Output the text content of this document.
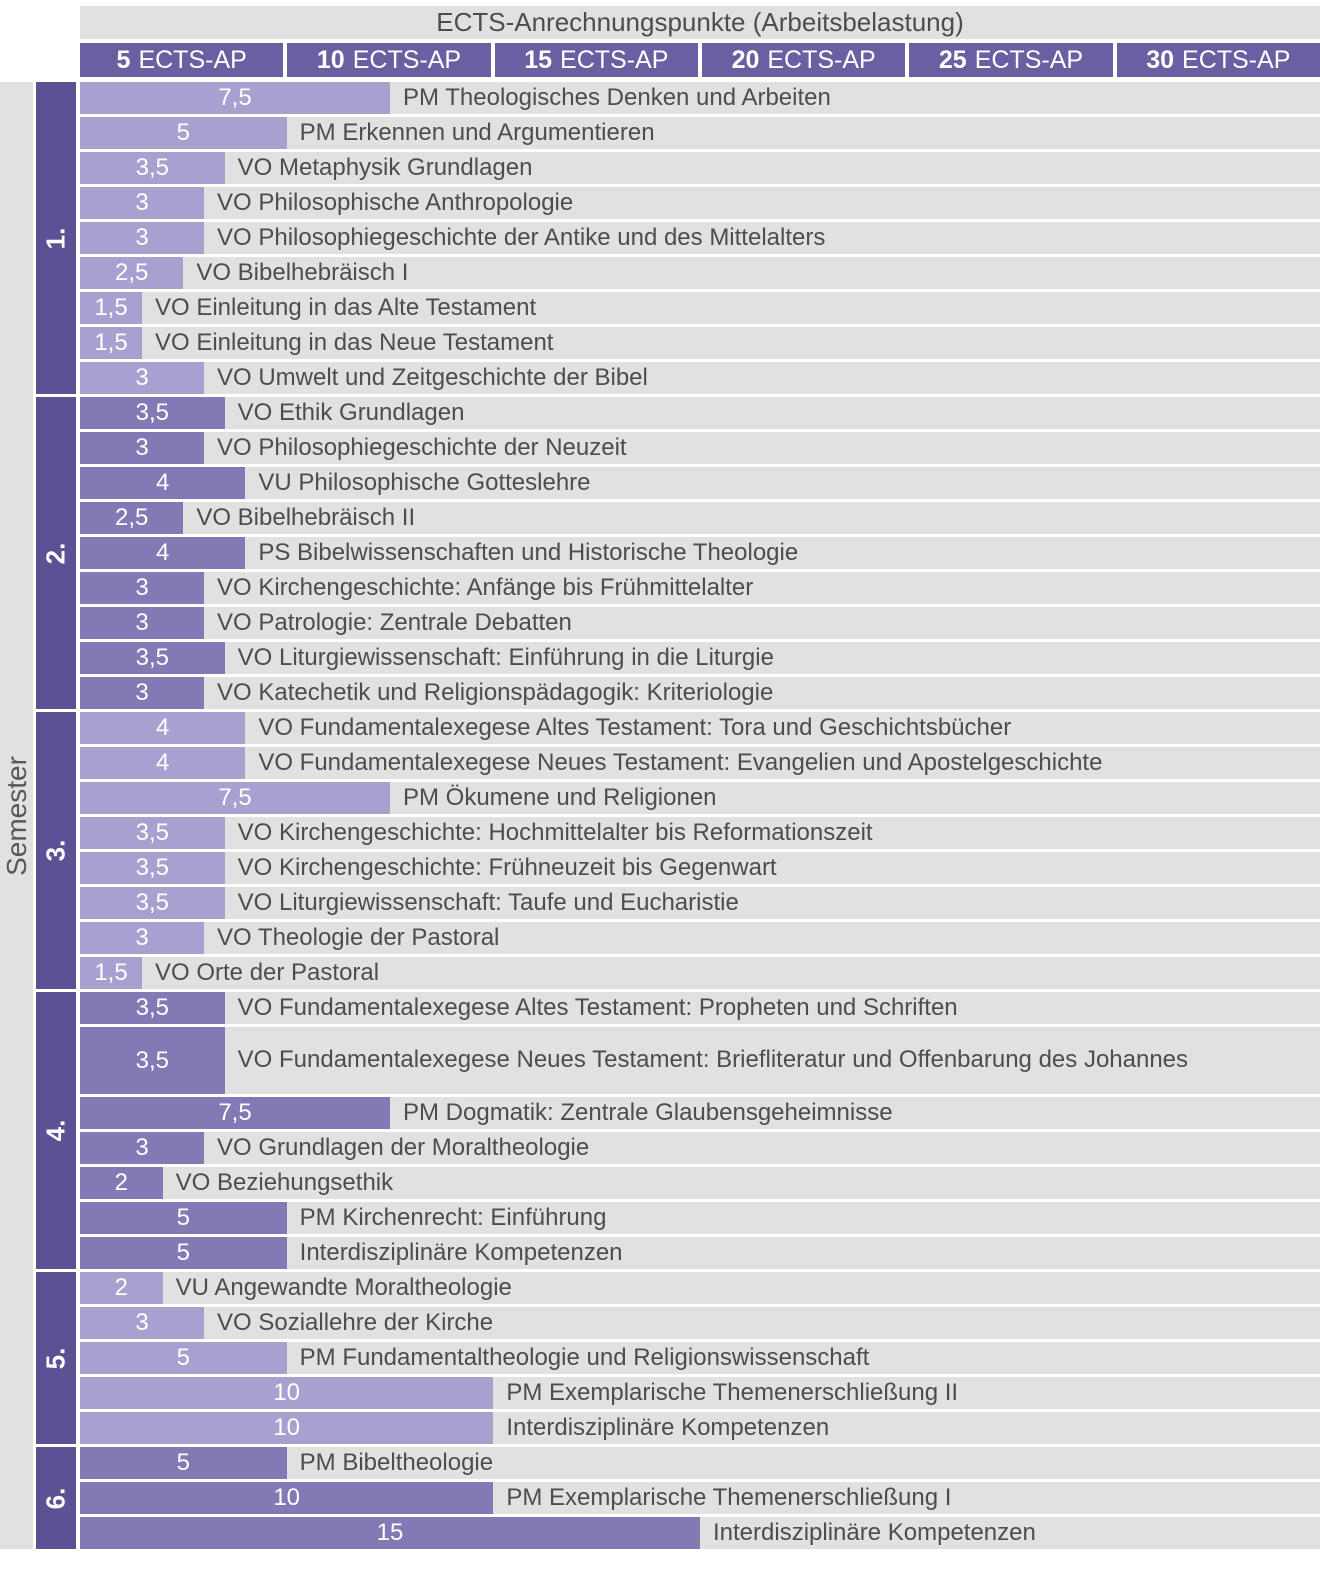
ECTS-Anrechnungspunkte (Arbeitsbelastung)
5 ECTS-AP	10 ECTS-AP	15 ECTS-AP	20 ECTS-AP	25 ECTS-AP	30 ECTS-AP
Semester
1.
7,5	PM Theologisches Denken und Arbeiten
5	PM Erkennen und Argumentieren
3,5	VO Metaphysik Grundlagen
3	VO Philosophische Anthropologie
3	VO Philosophiegeschichte der Antike und des Mittelalters
2,5 VO Bibelhebräisch I
1,5 VO Einleitung in das Alte Testament
1,5 VO Einleitung in das Neue Testament
3	VO Umwelt und Zeitgeschichte der Bibel
2.
3,5	VO Ethik Grundlagen
3	VO Philosophiegeschichte der Neuzeit
4	VU Philosophische Gotteslehre
2,5 VO Bibelhebräisch II
4	PS Bibelwissenschaften und Historische Theologie
3	VO Kirchengeschichte: Anfänge bis Frühmittelalter
3	VO Patrologie: Zentrale Debatten
3,5	VO Liturgiewissenschaft: Einführung in die Liturgie
3	VO Katechetik und Religionspädagogik: Kriteriologie
3.
4	VO Fundamentalexegese Altes Testament: Tora und Geschichtsbücher
4	VO Fundamentalexegese Neues Testament: Evangelien und Apostelgeschichte
7,5	PM Ökumene und Religionen
3,5	VO Kirchengeschichte: Hochmittelalter bis Reformationszeit
3,5	VO Kirchengeschichte: Frühneuzeit bis Gegenwart
3,5	VO Liturgiewissenschaft: Taufe und Eucharistie
3	VO Theologie der Pastoral
1,5 VO Orte der Pastoral
4.
3,5	VO Fundamentalexegese Altes Testament: Propheten und Schriften
3,5	VO Fundamentalexegese Neues Testament: Briefliteratur und Offenbarung des Johannes
7,5	PM Dogmatik: Zentrale Glaubensgeheimnisse
3	VO Grundlagen der Moraltheologie
2 VO Beziehungsethik
5	PM Kirchenrecht: Einführung
5	Interdisziplinäre Kompetenzen
5.
2 VU Angewandte Moraltheologie
3	VO Soziallehre der Kirche
5	PM Fundamentaltheologie und Religionswissenschaft
10	PM Exemplarische Themenerschließung II
10	Interdisziplinäre Kompetenzen
6.
5	PM Bibeltheologie
10	PM Exemplarische Themenerschließung I
15	Interdisziplinäre Kompetenzen
